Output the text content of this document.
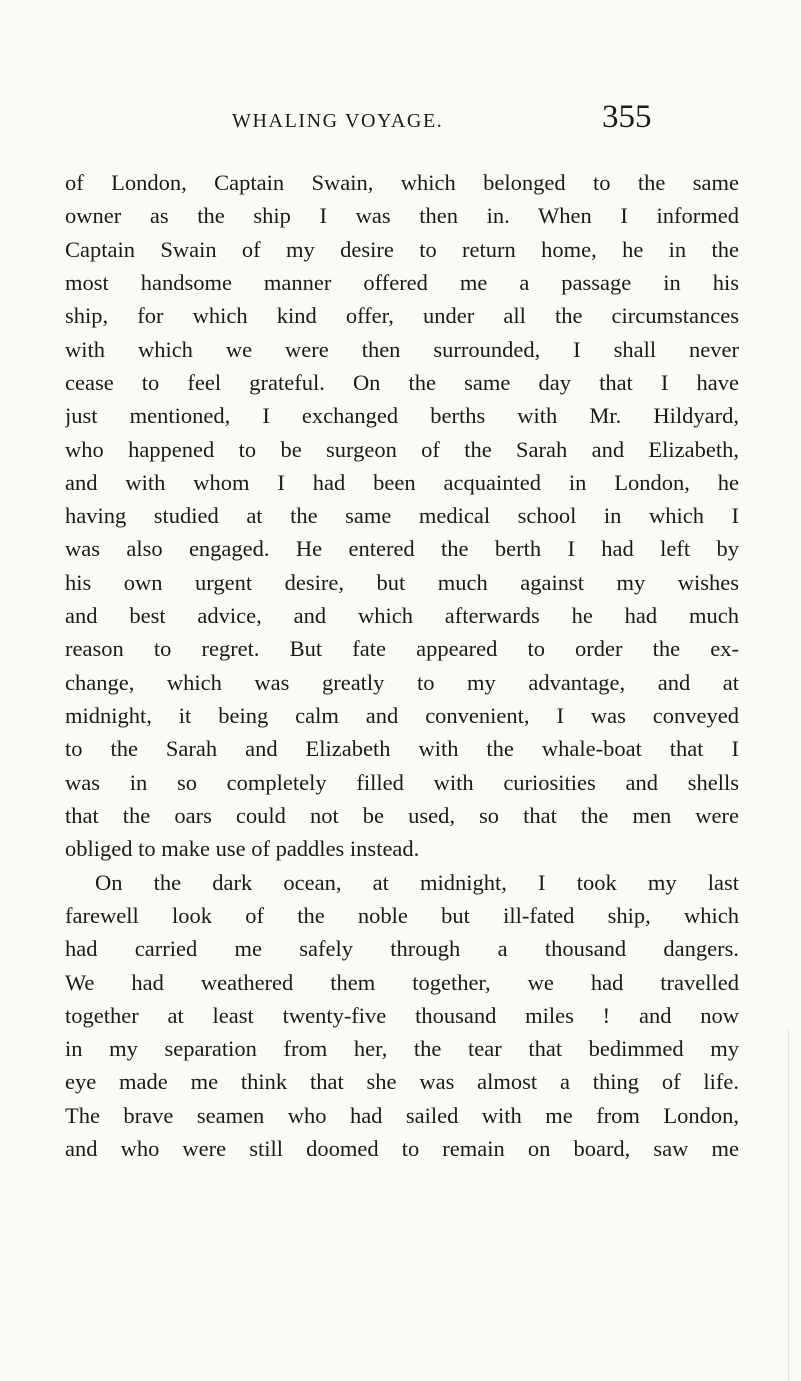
WHALING VOYAGE.	355
of London, Captain Swain, which belonged to the same
owner as the ship I was then in. When I informed
Captain Swain of my desire to return home, he in the
most handsome manner offered me a passage in his
ship, for which kind offer, under all the circumstances
with which we were then surrounded, I shall never
cease to feel grateful. On the same day that I have
just mentioned, I exchanged berths with Mr. Hildyard,
who happened to be surgeon of the Sarah and Elizabeth,
and with whom I had been acquainted in London, he
having studied at the same medical school in which I
was also engaged. He entered the berth I had left by
his own urgent desire, but much against my wishes
and best advice, and which afterwards he had much
reason to regret. But fate appeared to order the ex-
change, which was greatly to my advantage, and at
midnight, it being calm and convenient, I was conveyed
to the Sarah and Elizabeth with the whale-boat that I
was in so completely filled with curiosities and shells
that the oars could not be used, so that the men were
obliged to make use of paddles instead.
On the dark ocean, at midnight, I took my last
farewell look of the noble but ill-fated ship, which
had carried me safely through a thousand dangers.
We had weathered them together, we had travelled
together at least twenty-five thousand miles ! and now
in my separation from her, the tear that bedimmed my
eye made me think that she was almost a thing of life.
The brave seamen who had sailed with me from London,
and who were still doomed to remain on board, saw me
